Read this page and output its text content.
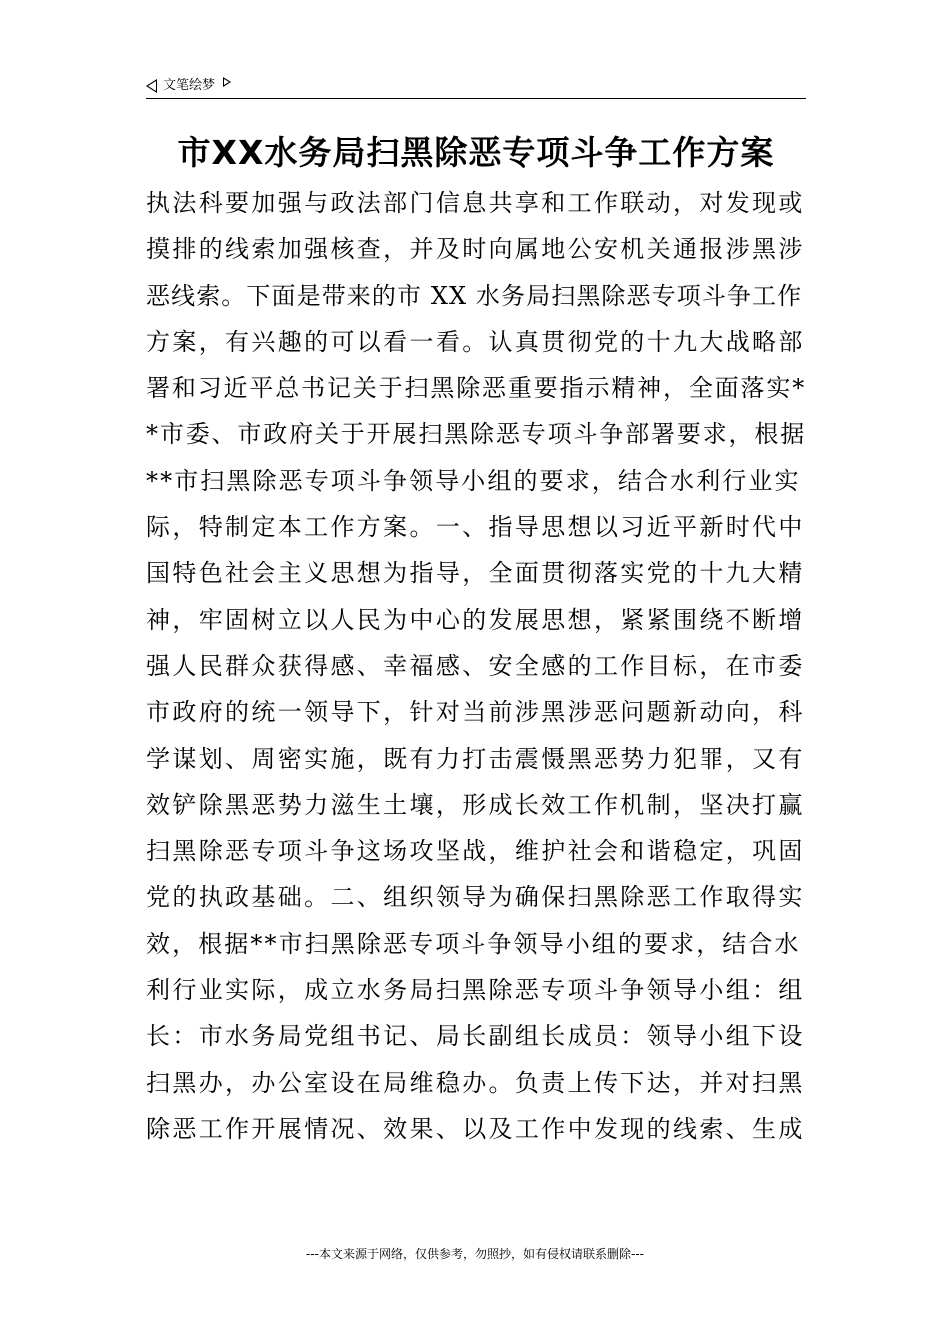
文笔绘梦
市XX水务局扫黑除恶专项斗争工作方案
执法科要加强与政法部门信息共享和工作联动，对发现或
摸排的线索加强核查，并及时向属地公安机关通报涉黑涉
恶线索。下面是带来的市 XX 水务局扫黑除恶专项斗争工作
方案，有兴趣的可以看一看。认真贯彻党的十九大战略部
署和习近平总书记关于扫黑除恶重要指示精神，全面落实*
*市委、市政府关于开展扫黑除恶专项斗争部署要求，根据
**市扫黑除恶专项斗争领导小组的要求，结合水利行业实
际，特制定本工作方案。一、指导思想以习近平新时代中
国特色社会主义思想为指导，全面贯彻落实党的十九大精
神，牢固树立以人民为中心的发展思想，紧紧围绕不断增
强人民群众获得感、幸福感、安全感的工作目标，在市委
市政府的统一领导下，针对当前涉黑涉恶问题新动向，科
学谋划、周密实施，既有力打击震慑黑恶势力犯罪，又有
效铲除黑恶势力滋生土壤，形成长效工作机制，坚决打赢
扫黑除恶专项斗争这场攻坚战，维护社会和谐稳定，巩固
党的执政基础。二、组织领导为确保扫黑除恶工作取得实
效，根据**市扫黑除恶专项斗争领导小组的要求，结合水
利行业实际，成立水务局扫黑除恶专项斗争领导小组：组
长：市水务局党组书记、局长副组长成员：领导小组下设
扫黑办，办公室设在局维稳办。负责上传下达，并对扫黑
除恶工作开展情况、效果、以及工作中发现的线索、生成
---本文来源于网络，仅供参考，勿照抄，如有侵权请联系删除---
